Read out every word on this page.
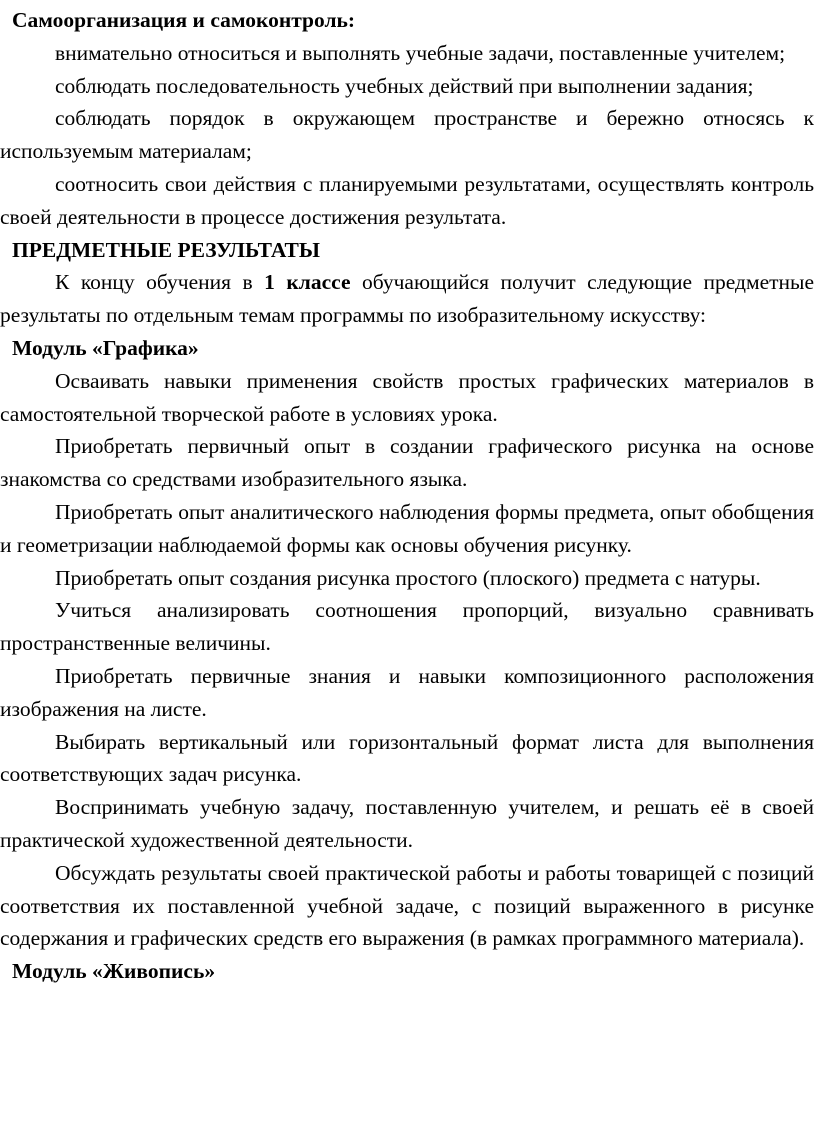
Самоорганизация и самоконтроль:

внимательно относиться и выполнять учебные задачи, поставленные учителем;

соблюдать последовательность учебных действий при выполнении задания;

соблюдать порядок в окружающем пространстве и бережно относясь к используемым материалам;

соотносить свои действия с планируемыми результатами, осуществлять контроль своей деятельности в процессе достижения результата.

ПРЕДМЕТНЫЕ РЕЗУЛЬТАТЫ

К концу обучения в 1 классе обучающийся получит следующие предметные результаты по отдельным темам программы по изобразительному искусству:

Модуль «Графика»

Осваивать навыки применения свойств простых графических материалов в самостоятельной творческой работе в условиях урока.

Приобретать первичный опыт в создании графического рисунка на основе знакомства со средствами изобразительного языка.

Приобретать опыт аналитического наблюдения формы предмета, опыт обобщения и геометризации наблюдаемой формы как основы обучения рисунку.

Приобретать опыт создания рисунка простого (плоского) предмета с натуры.

Учиться анализировать соотношения пропорций, визуально сравнивать пространственные величины.

Приобретать первичные знания и навыки композиционного расположения изображения на листе.

Выбирать вертикальный или горизонтальный формат листа для выполнения соответствующих задач рисунка.

Воспринимать учебную задачу, поставленную учителем, и решать её в своей практической художественной деятельности.

Обсуждать результаты своей практической работы и работы товарищей с позиций соответствия их поставленной учебной задаче, с позиций выраженного в рисунке содержания и графических средств его выражения (в рамках программного материала).

Модуль «Живопись»
